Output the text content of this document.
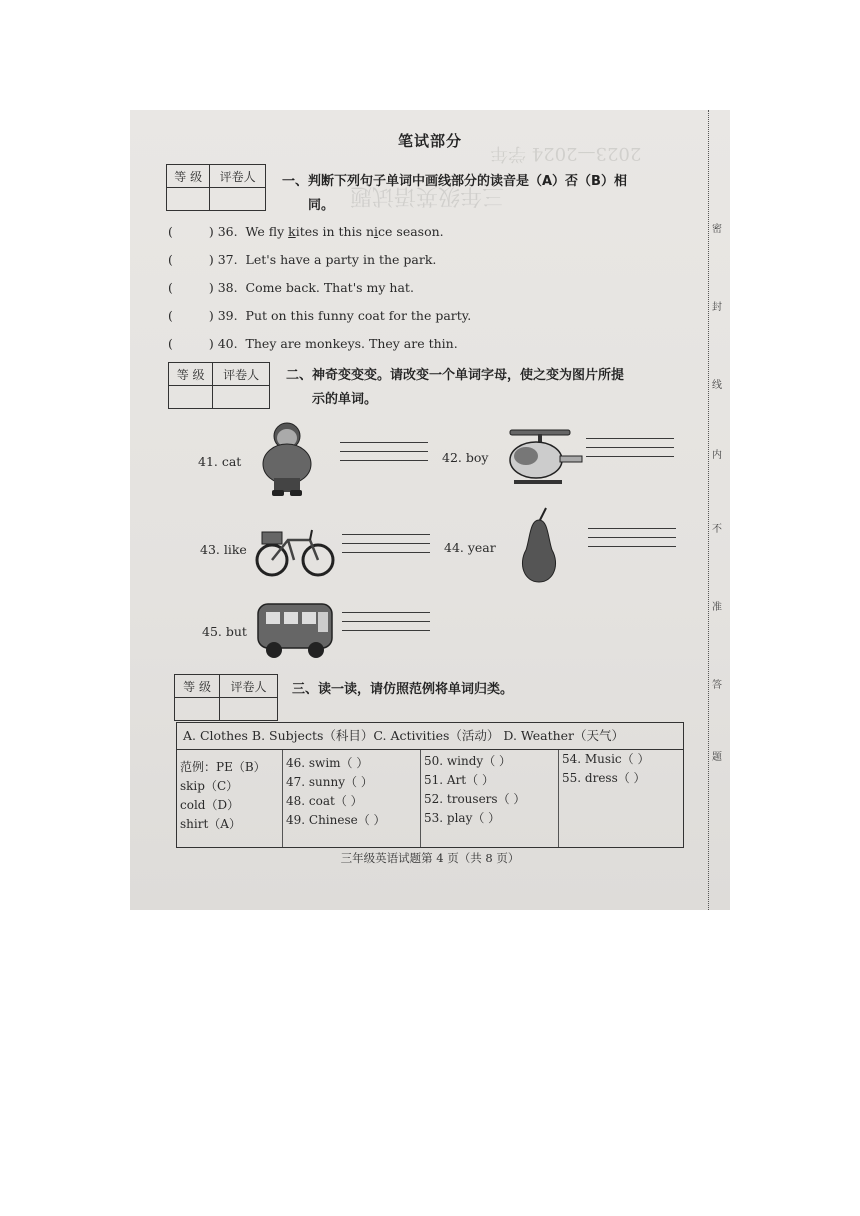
2023—2024 学年
三年级英语试题
笔试部分
等 级	评卷人
	一、判断下列句子单词中画线部分的读音是（A）否（B）相
同。
(	) 36.  We fly kites in this nice season.
(	) 37. Let's have a party in the park.
(	) 38. Come back. That's my hat.
(	) 39. Put on this funny coat for the party.
(	) 40. They are monkeys. They are thin.
等 级	评卷人
	二、神奇变变变。请改变一个单词字母，使之变为图片所提
示的单词。
41. cat	42. boy
43. like	44. year
45. but
等 级	评卷人
	三、读一读，请仿照范例将单词归类。
A. Clothes B. Subjects（科目）C. Activities（活动） D. Weather（天气）
范例：PE（B）
skip（C）
cold（D）
shirt（A）
46. swim（ ）
47. sunny（ ）
48. coat（ ）
49. Chinese（ ）
50. windy（ ）
51. Art（ ）
52. trousers（ ）
53. play（ ）
54. Music（ ）
55. dress（ ）
三年级英语试题第 4 页（共 8 页）
密
封
线
内
不
准
答
题
